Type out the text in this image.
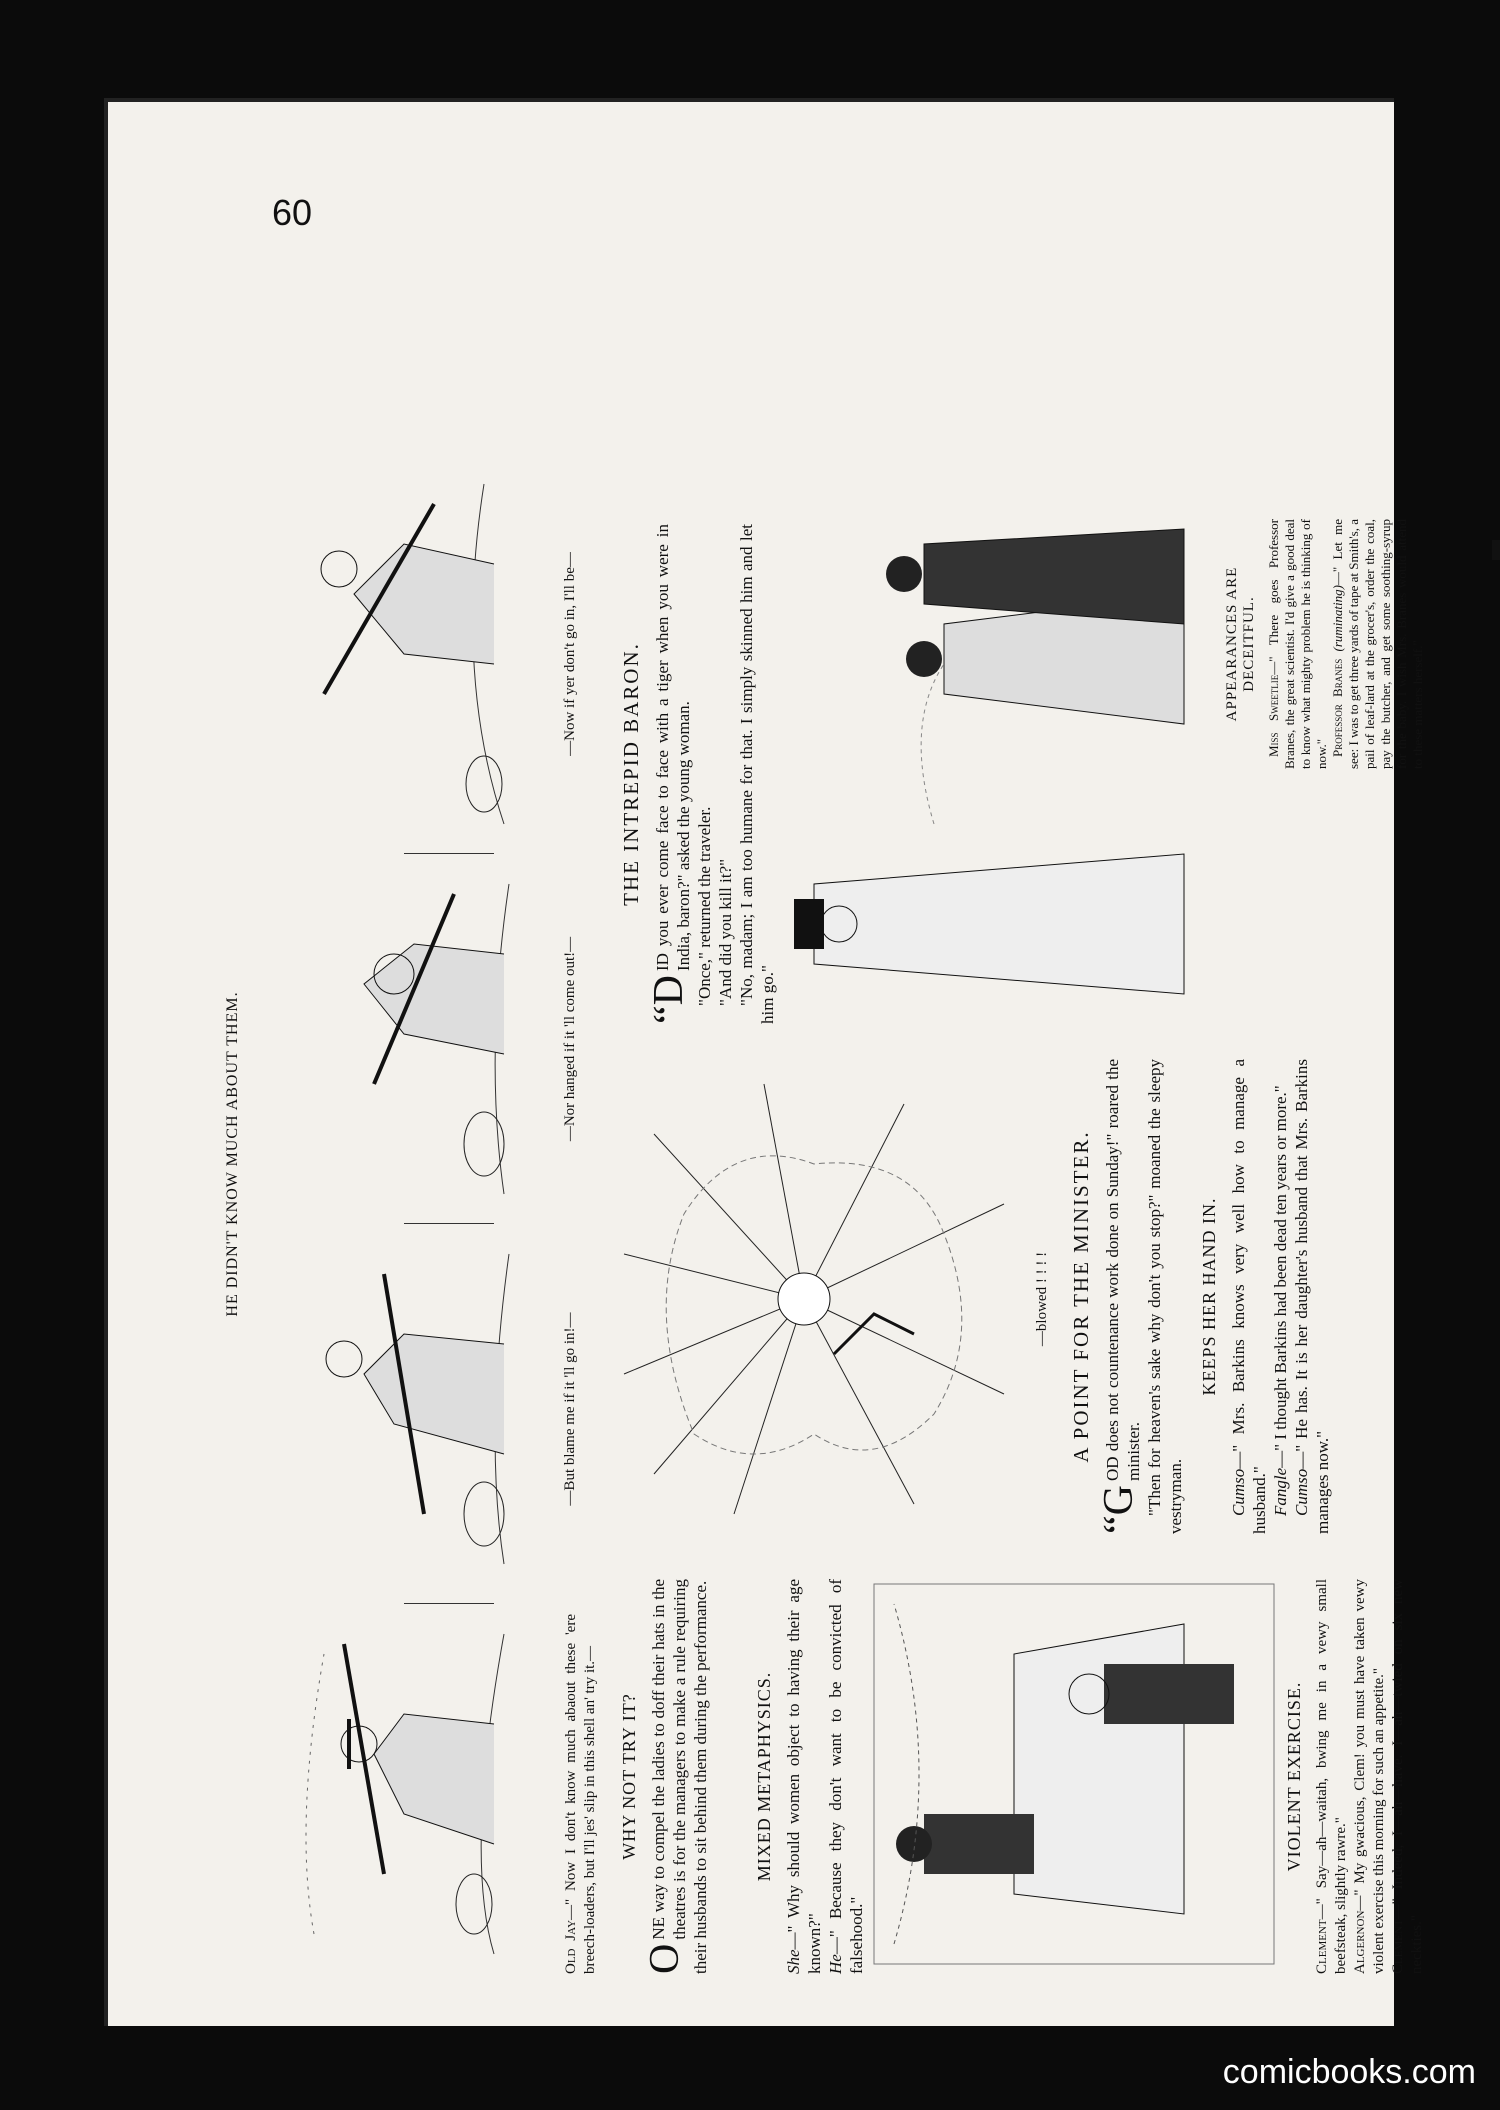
60
HE DIDN'T KNOW MUCH ABOUT THEM.

Old Jay—" Now I don't know much abaout these 'ere breech-loaders, but I'll jes' slip in this shell an' try it.—

—But blame me if it 'll go in!—
—Nor hanged if it 'll come out!—
—Now if yer don't go in, I'll be—
WHY NOT TRY IT?

O
NE way to compel the ladies to doff their hats in the theatres is for the managers to make a rule requiring their husbands to sit behind them during the performance. MIXED METAPHYSICS.

She—" Why should women object to having their age known?" He—" Because they don't want to be convicted of falsehood."

VIOLENT EXERCISE.

Clement—" Say—ah—waitah, bwing me in a vewy small beefsteak, slightly rawre." Algernon—" My gwacious, Clem! you must have taken vewy violent exercise this morning for such an appetite." Clement—" Indeed, I—ah—have. I—ah—twied on six new neckties."

—blowed ! ! ! ! A POINT FOR THE MINISTER.

“G
OD does not countenance work done on Sunday!" roared the minister. "Then for heaven's sake why don't you stop?" moaned the sleepy vestryman.

KEEPS HER HAND IN.

Cumso—" Mrs. Barkins knows very well how to manage a husband." Fangle—" I thought Barkins had been dead ten years or more."

Cumso—" He has. It is her daughter's husband that Mrs. Barkins manages now."

THE INTREPID BARON.

“D
ID you ever come face to face with a tiger when you were in India, baron?" asked the young woman. "Once," returned the traveler. "And did you kill it?" "No, madam; I am too humane for that. I simply skinned him and let him go."

APPEARANCES ARE DECEITFUL.

Miss Sweetlie—" There goes Professor Branes, the great scientist. I'd give a good deal to know what mighty problem he is thinking of now." Professor Branes (ruminating)—" Let me see: I was to get three yards of tape at Smith's, a pail of leaf-lard at the grocer's, order the coal, pay the butcher, and get some soothing-syrup for the baby. I wish Mrs. Branes would attend to these matters herself."

comicbooks.com
